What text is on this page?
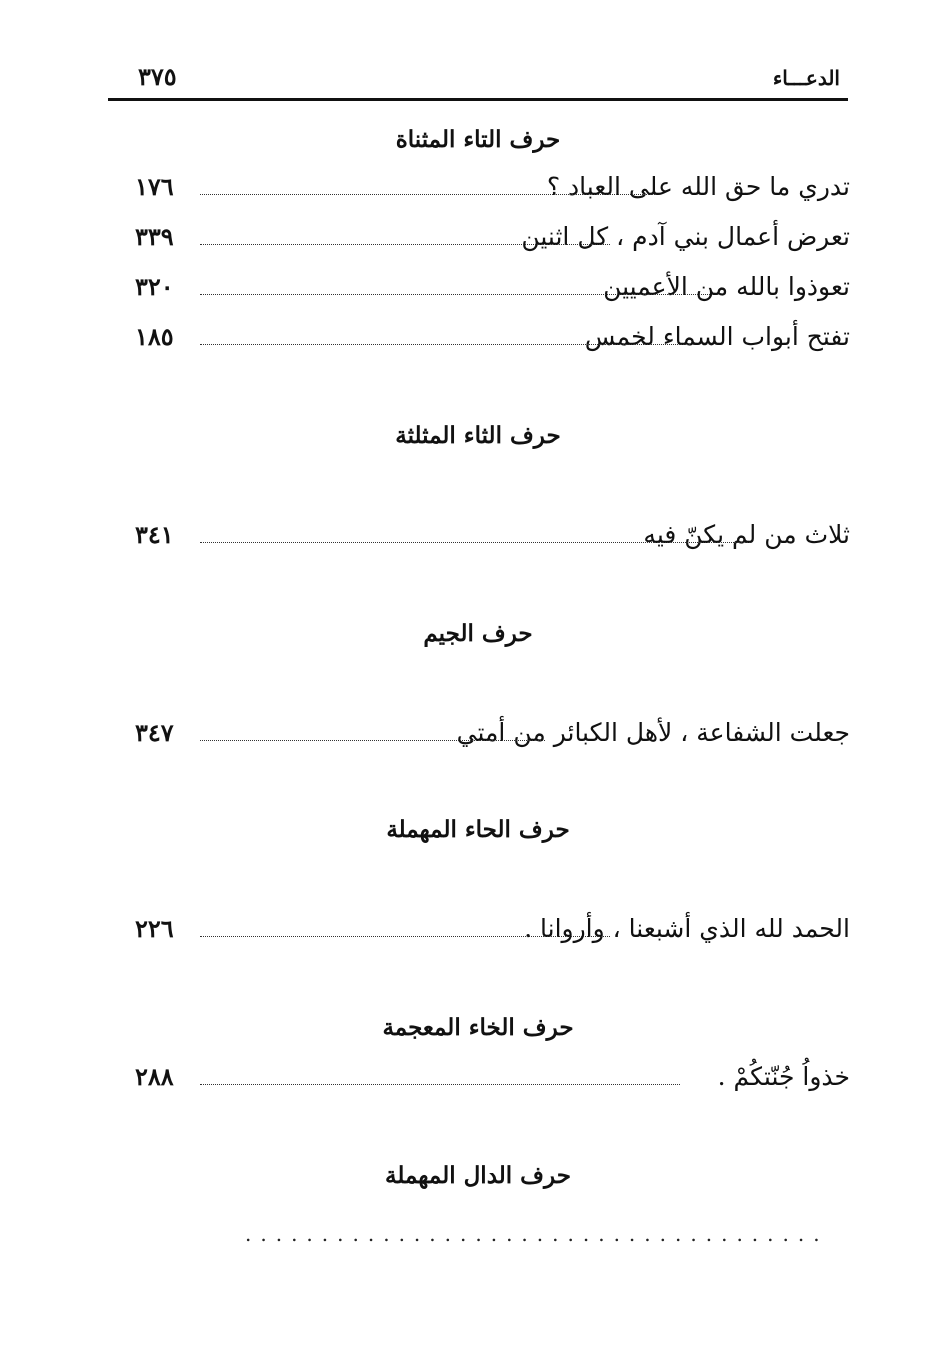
الدعـــاء
٣٧٥
حرف التاء المثناة
تدري ما حق الله على العباد ؟
١٧٦
تعرض أعمال بني آدم ، كل اثنين
٣٣٩
تعوذوا بالله من الأعميين
٣٢٠
تفتح أبواب السماء لخمس
١٨٥
حرف الثاء المثلثة
ثلاث من لم يكنّ فيه
٣٤١
حرف الجيم
جعلت الشفاعة ، لأهل الكبائر من أمتي
٣٤٧
حرف الحاء المهملة
الحمد لله الذي أشبعنا ، وأروانا .
٢٢٦
حرف الخاء المعجمة
خذواُ جُنّتكُمْ .
٢٨٨
حرف الدال المهملة
......................................
